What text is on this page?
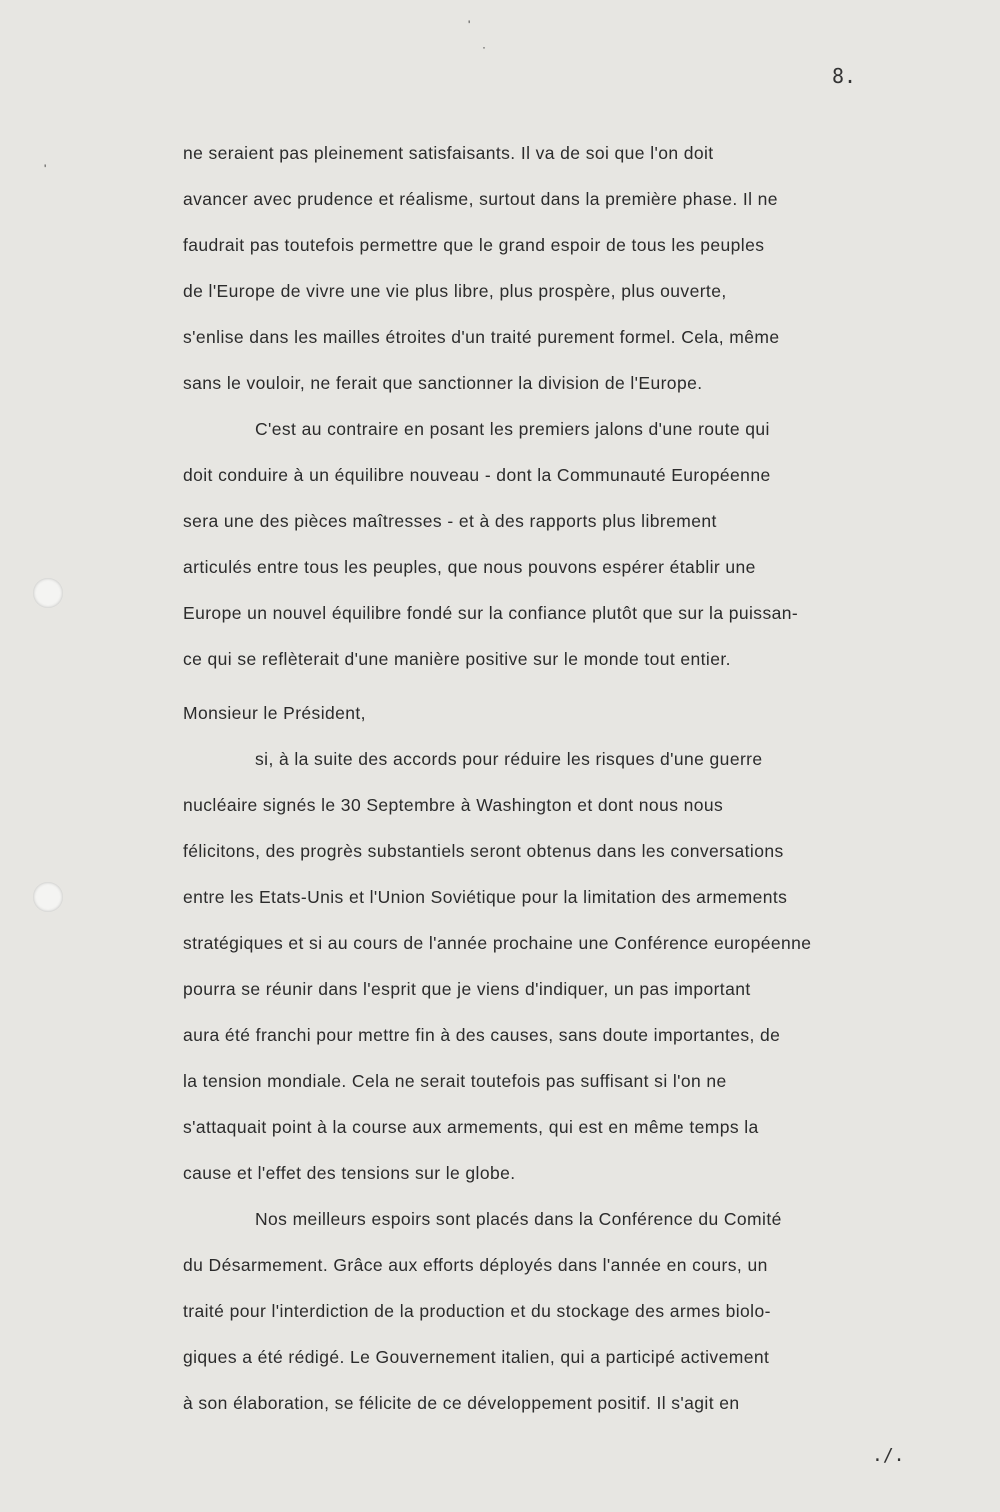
'
·
'
8.
ne seraient pas pleinement satisfaisants. Il va de soi que l'on doit
avancer avec prudence et réalisme, surtout dans la première phase. Il ne
faudrait pas toutefois permettre que le grand espoir de tous les peuples
de l'Europe de vivre une vie plus libre, plus prospère, plus ouverte,
s'enlise dans les mailles étroites d'un traité purement formel. Cela, même
sans le vouloir, ne ferait que sanctionner la division de l'Europe.
C'est au contraire en posant les premiers jalons d'une route qui
doit conduire à un équilibre nouveau - dont la Communauté Européenne
sera une des pièces maîtresses - et à des rapports plus librement
articulés entre tous les peuples, que nous pouvons espérer établir une
Europe un nouvel équilibre fondé sur la confiance plutôt que sur la puissan-
ce qui se reflèterait d'une manière positive sur le monde tout entier.
Monsieur le Président,
si, à la suite des accords pour réduire les risques d'une guerre
nucléaire signés le 30 Septembre à Washington et dont nous nous
félicitons, des progrès substantiels seront obtenus dans les conversations
entre les Etats-Unis et l'Union Soviétique pour la limitation des armements
stratégiques et si au cours de l'année prochaine une Conférence européenne
pourra se réunir dans l'esprit que je viens d'indiquer, un pas important
aura été franchi pour mettre fin à des causes, sans doute importantes, de
la tension mondiale. Cela ne serait toutefois pas suffisant si l'on ne
s'attaquait point à la course aux armements, qui est en même temps la
cause et l'effet des tensions sur le globe.
Nos meilleurs espoirs sont placés dans la Conférence du Comité
du Désarmement. Grâce aux efforts déployés dans l'année en cours, un
traité pour l'interdiction de la production et du stockage des armes biolo-
giques a été rédigé. Le Gouvernement italien, qui a participé activement
à son élaboration, se félicite de ce développement positif. Il s'agit en
./.
